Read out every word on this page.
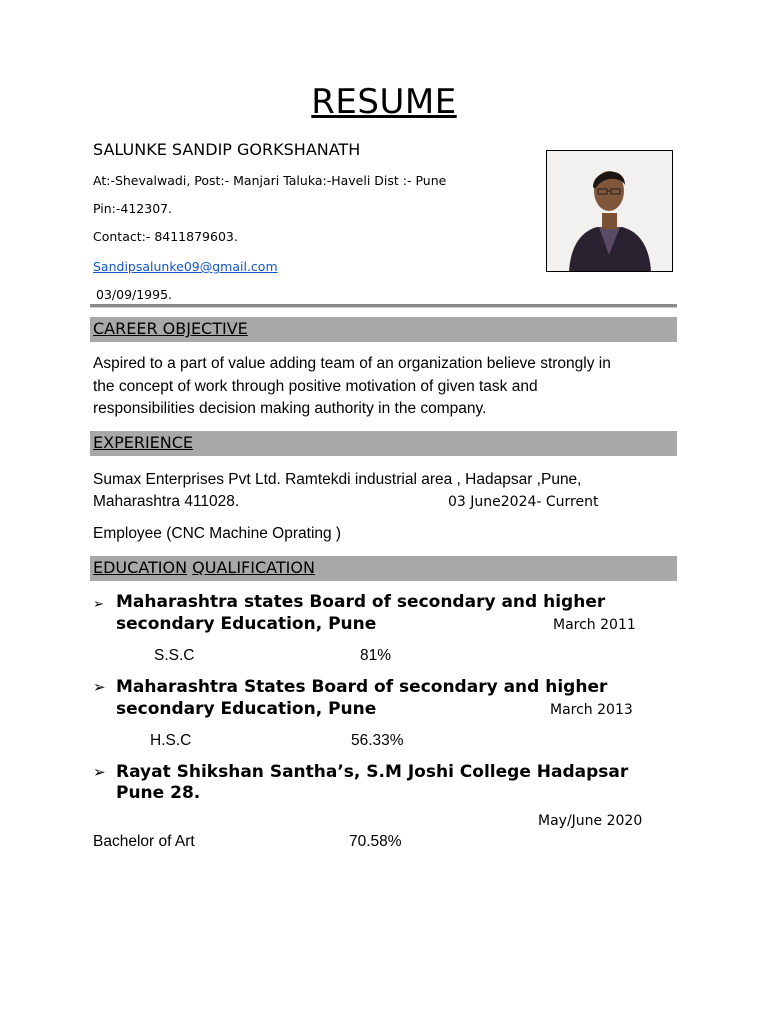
RESUME
SALUNKE SANDIP GORKSHANATH
At:-Shevalwadi, Post:- Manjari Taluka:-Haveli Dist :- Pune
Pin:-412307.
Contact:- 8411879603.
Sandipsalunke09@gmail.com
03/09/1995.
CAREER OBJECTIVE
Aspired to a part of value adding team of an organization believe strongly in
the concept of work through positive motivation of given task and
responsibilities decision making authority in the company.
EXPERIENCE
Sumax Enterprises Pvt Ltd. Ramtekdi industrial area , Hadapsar ,Pune,
Maharashtra 411028.	03 June2024- Current
Employee (CNC Machine Oprating )
EDUCATION QUALIFICATION
➢ Maharashtra states Board of secondary and higher
secondary Education, Pune	March 2011
S.S.C	81%
➢ Maharashtra States Board of secondary and higher
secondary Education, Pune	March 2013
H.S.C	56.33%
➢ Rayat Shikshan Santha’s, S.M Joshi College Hadapsar
Pune 28.
May/June 2020
Bachelor of Art	70.58%
